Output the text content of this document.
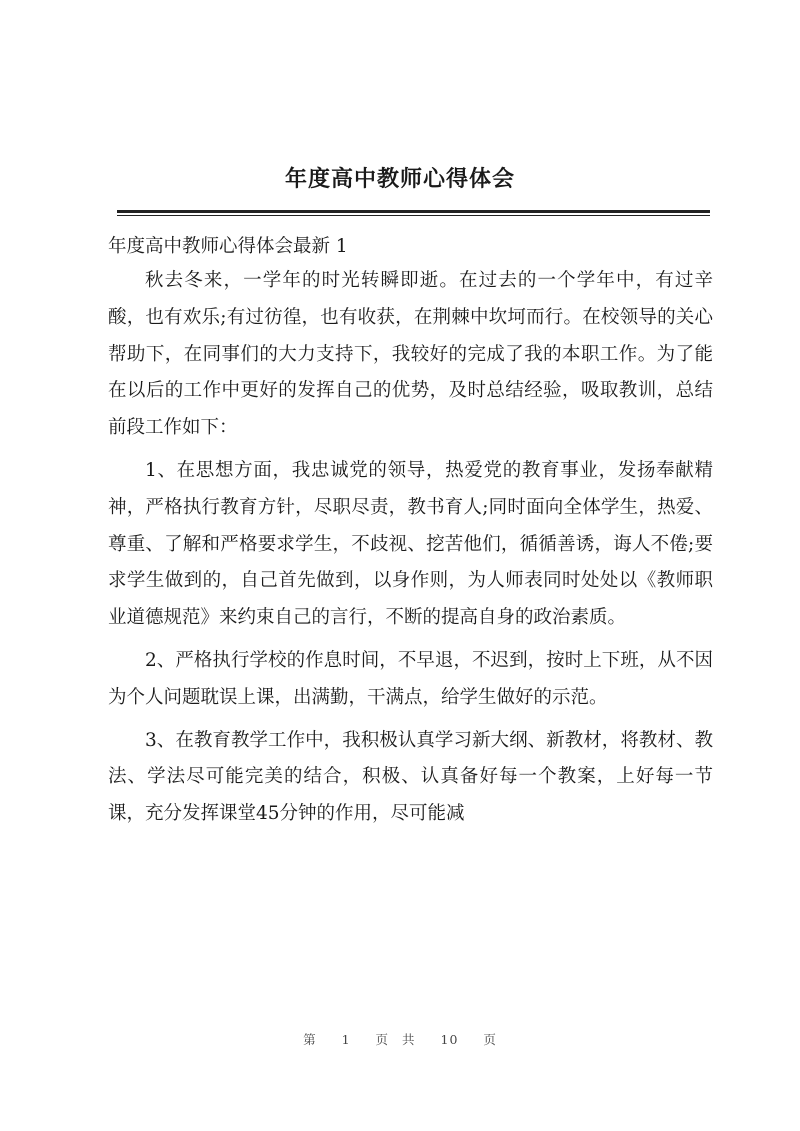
年度高中教师心得体会
年度高中教师心得体会最新 1

秋去冬来，一学年的时光转瞬即逝。在过去的一个学年中，有过辛酸，也有欢乐;有过彷徨，也有收获，在荆棘中坎坷而行。在校领导的关心帮助下，在同事们的大力支持下，我较好的完成了我的本职工作。为了能在以后的工作中更好的发挥自己的优势，及时总结经验，吸取教训，总结前段工作如下：

1、在思想方面，我忠诚党的领导，热爱党的教育事业，发扬奉献精神，严格执行教育方针，尽职尽责，教书育人;同时面向全体学生，热爱、尊重、了解和严格要求学生，不歧视、挖苦他们，循循善诱，诲人不倦;要求学生做到的，自己首先做到，以身作则，为人师表同时处处以《教师职业道德规范》来约束自己的言行，不断的提高自身的政治素质。

2、严格执行学校的作息时间，不早退，不迟到，按时上下班，从不因为个人问题耽误上课，出满勤，干满点，给学生做好的示范。

3、在教育教学工作中，我积极认真学习新大纲、新教材，将教材、教法、学法尽可能完美的结合，积极、认真备好每一个教案，上好每一节课，充分发挥课堂45分钟的作用，尽可能减

第 1 页 共 10 页
